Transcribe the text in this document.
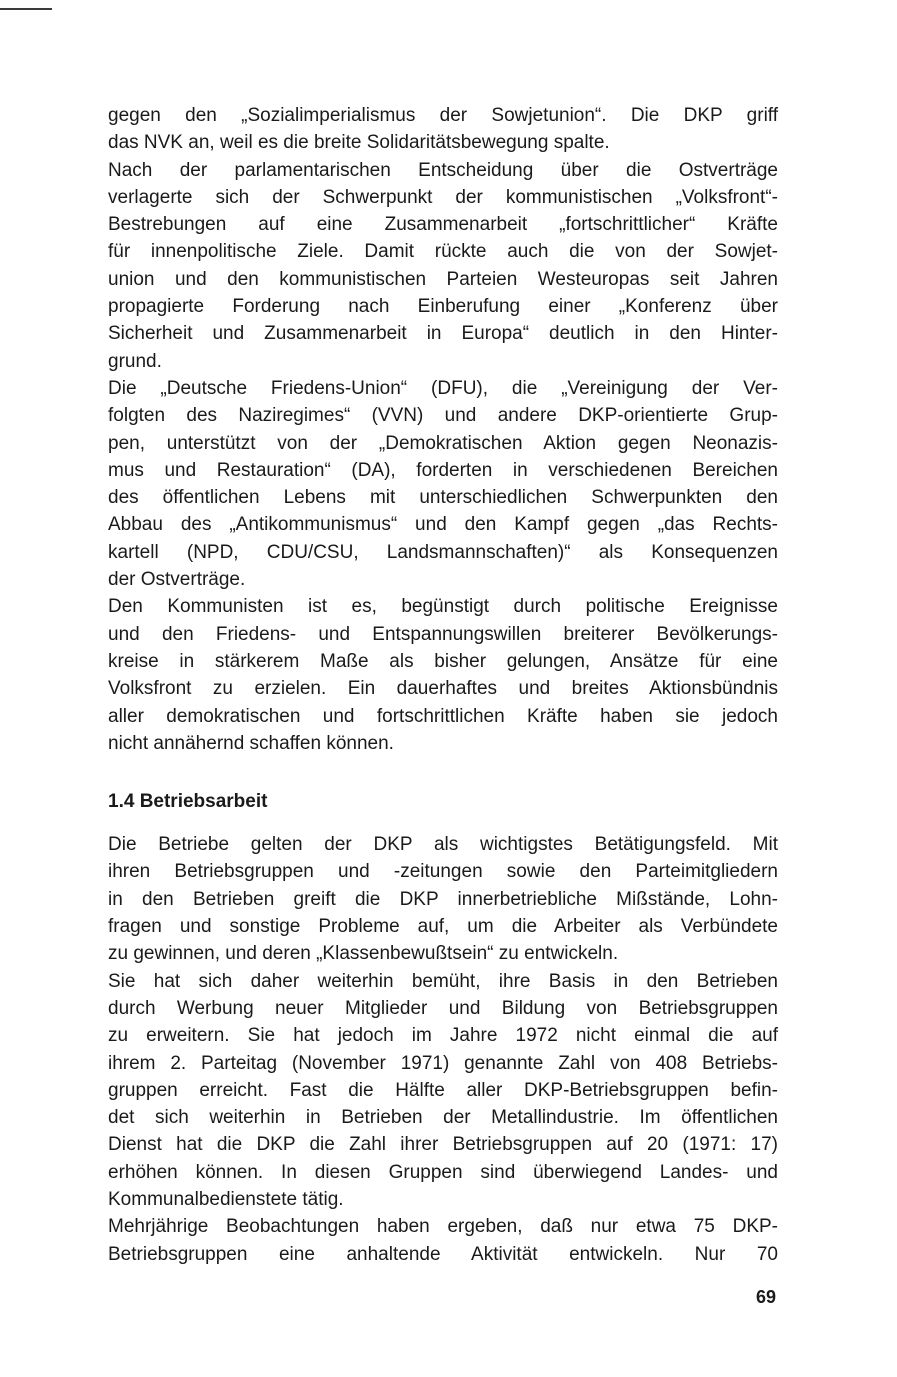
gegen den „Sozialimperialismus der Sowjetunion“. Die DKP griff
das NVK an, weil es die breite Solidaritätsbewegung spalte.

Nach der parlamentarischen Entscheidung über die Ostverträge
verlagerte sich der Schwerpunkt der kommunistischen „Volksfront“-
Bestrebungen auf eine Zusammenarbeit „fortschrittlicher“ Kräfte
für innenpolitische Ziele. Damit rückte auch die von der Sowjet-
union und den kommunistischen Parteien Westeuropas seit Jahren
propagierte Forderung nach Einberufung einer „Konferenz über
Sicherheit und Zusammenarbeit in Europa“ deutlich in den Hinter-
grund.

Die „Deutsche Friedens-Union“ (DFU), die „Vereinigung der Ver-
folgten des Naziregimes“ (VVN) und andere DKP-orientierte Grup-
pen, unterstützt von der „Demokratischen Aktion gegen Neonazis-
mus und Restauration“ (DA), forderten in verschiedenen Bereichen
des öffentlichen Lebens mit unterschiedlichen Schwerpunkten den
Abbau des „Antikommunismus“ und den Kampf gegen „das Rechts-
kartell (NPD, CDU/CSU, Landsmannschaften)“ als Konsequenzen
der Ostverträge.

Den Kommunisten ist es, begünstigt durch politische Ereignisse
und den Friedens- und Entspannungswillen breiterer Bevölkerungs-
kreise in stärkerem Maße als bisher gelungen, Ansätze für eine
Volksfront zu erzielen. Ein dauerhaftes und breites Aktionsbündnis
aller demokratischen und fortschrittlichen Kräfte haben sie jedoch
nicht annähernd schaffen können.

1.4 Betriebsarbeit

Die Betriebe gelten der DKP als wichtigstes Betätigungsfeld. Mit
ihren Betriebsgruppen und -zeitungen sowie den Parteimitgliedern
in den Betrieben greift die DKP innerbetriebliche Mißstände, Lohn-
fragen und sonstige Probleme auf, um die Arbeiter als Verbündete
zu gewinnen, und deren „Klassenbewußtsein“ zu entwickeln.

Sie hat sich daher weiterhin bemüht, ihre Basis in den Betrieben
durch Werbung neuer Mitglieder und Bildung von Betriebsgruppen
zu erweitern. Sie hat jedoch im Jahre 1972 nicht einmal die auf
ihrem 2. Parteitag (November 1971) genannte Zahl von 408 Betriebs-
gruppen erreicht. Fast die Hälfte aller DKP-Betriebsgruppen befin-
det sich weiterhin in Betrieben der Metallindustrie. Im öffentlichen
Dienst hat die DKP die Zahl ihrer Betriebsgruppen auf 20 (1971: 17)
erhöhen können. In diesen Gruppen sind überwiegend Landes- und
Kommunalbedienstete tätig.

Mehrjährige Beobachtungen haben ergeben, daß nur etwa 75 DKP-
Betriebsgruppen eine anhaltende Aktivität entwickeln. Nur 70

69
